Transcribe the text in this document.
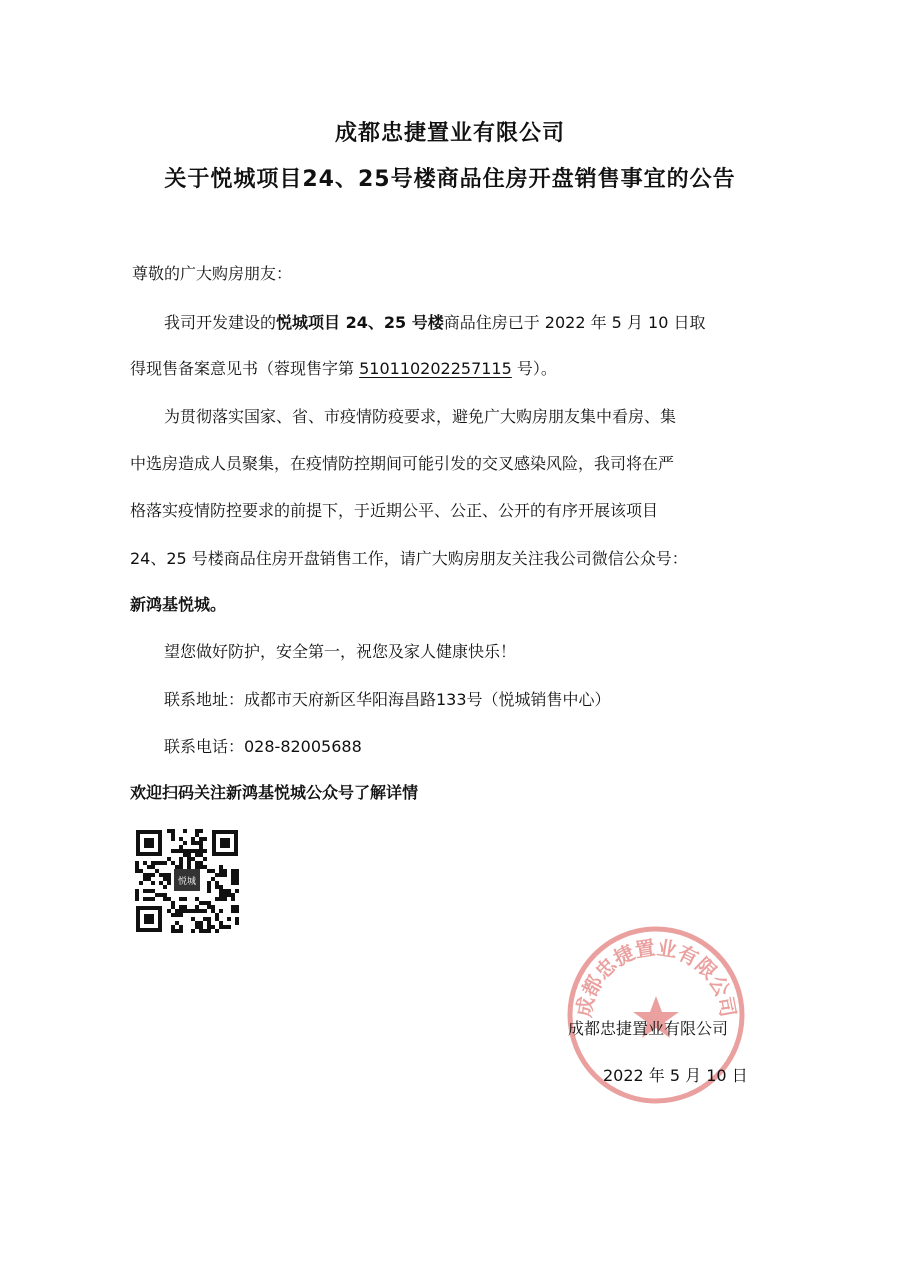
成都忠捷置业有限公司
关于悦城项目24、25号楼商品住房开盘销售事宜的公告
尊敬的广大购房朋友：
我司开发建设的悦城项目 24、25 号楼商品住房已于 2022 年 5 月 10 日取
得现售备案意见书（蓉现售字第 510110202257115 号）。
为贯彻落实国家、省、市疫情防疫要求，避免广大购房朋友集中看房、集
中选房造成人员聚集，在疫情防控期间可能引发的交叉感染风险，我司将在严
格落实疫情防控要求的前提下，于近期公平、公正、公开的有序开展该项目
24、25 号楼商品住房开盘销售工作，请广大购房朋友关注我公司微信公众号：
新鸿基悦城。
望您做好防护，安全第一，祝您及家人健康快乐！
联系地址：成都市天府新区华阳海昌路133号（悦城销售中心）
联系电话：028-82005688
欢迎扫码关注新鸿基悦城公众号了解详情
悦城
成都忠捷置业有限公司
成都忠捷置业有限公司
2022 年 5 月 10 日
